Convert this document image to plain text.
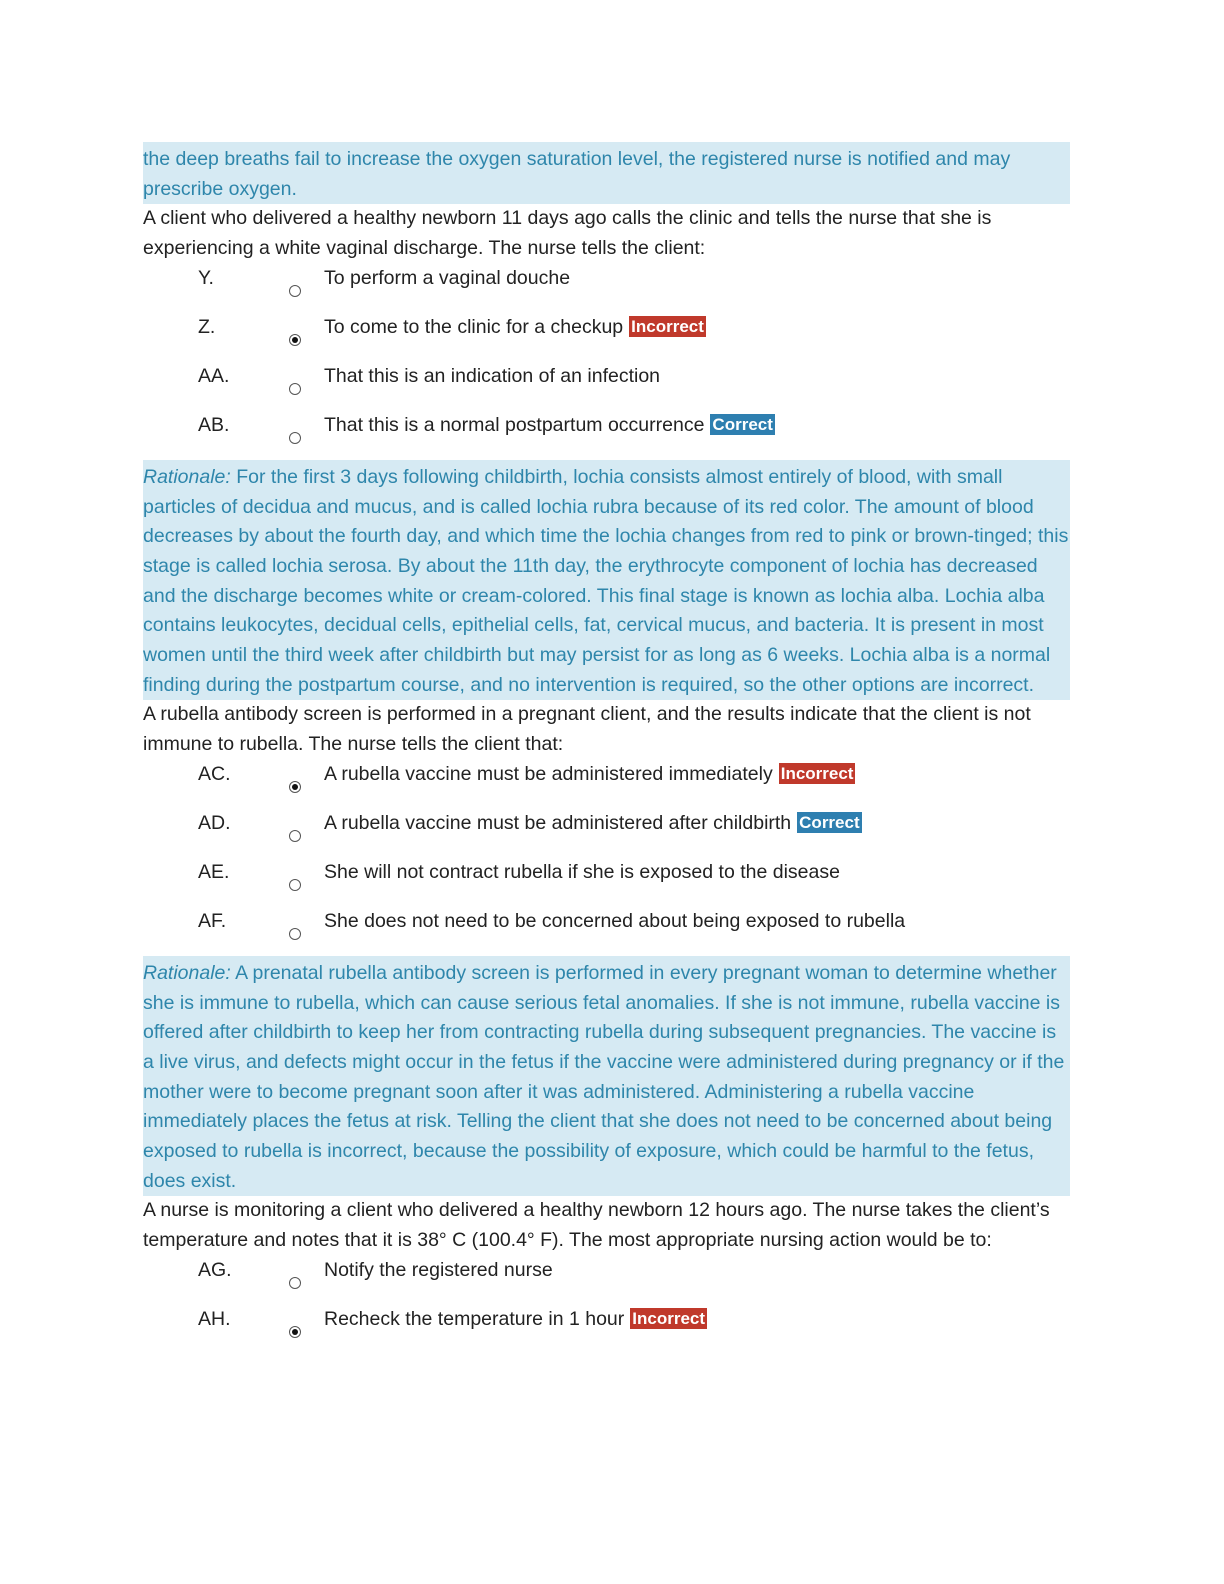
the deep breaths fail to increase the oxygen saturation level, the registered nurse is notified and may prescribe oxygen.

A client who delivered a healthy newborn 11 days ago calls the clinic and tells the nurse that she is experiencing a white vaginal discharge. The nurse tells the client:

Y.	To perform a vaginal douche
Z.	To come to the clinic for a checkup Incorrect
AA.	That this is an indication of an infection
AB.	That this is a normal postpartum occurrence Correct
Rationale: For the first 3 days following childbirth, lochia consists almost entirely of blood, with small particles of decidua and mucus, and is called lochia rubra because of its red color. The amount of blood decreases by about the fourth day, and which time the lochia changes from red to pink or brown-tinged; this stage is called lochia serosa. By about the 11th day, the erythrocyte component of lochia has decreased and the discharge becomes white or cream-colored. This final stage is known as lochia alba. Lochia alba contains leukocytes, decidual cells, epithelial cells, fat, cervical mucus, and bacteria. It is present in most women until the third week after childbirth but may persist for as long as 6 weeks. Lochia alba is a normal finding during the postpartum course, and no intervention is required, so the other options are incorrect.

A rubella antibody screen is performed in a pregnant client, and the results indicate that the client is not immune to rubella. The nurse tells the client that:

AC.	A rubella vaccine must be administered immediately Incorrect
AD.	A rubella vaccine must be administered after childbirth Correct
AE.	She will not contract rubella if she is exposed to the disease
AF.	She does not need to be concerned about being exposed to rubella
Rationale: A prenatal rubella antibody screen is performed in every pregnant woman to determine whether she is immune to rubella, which can cause serious fetal anomalies. If she is not immune, rubella vaccine is offered after childbirth to keep her from contracting rubella during subsequent pregnancies. The vaccine is a live virus, and defects might occur in the fetus if the vaccine were administered during pregnancy or if the mother were to become pregnant soon after it was administered. Administering a rubella vaccine immediately places the fetus at risk. Telling the client that she does not need to be concerned about being exposed to rubella is incorrect, because the possibility of exposure, which could be harmful to the fetus, does exist.

A nurse is monitoring a client who delivered a healthy newborn 12 hours ago. The nurse takes the client’s temperature and notes that it is 38° C (100.4° F). The most appropriate nursing action would be to:

AG.	Notify the registered nurse
AH.	Recheck the temperature in 1 hour Incorrect
